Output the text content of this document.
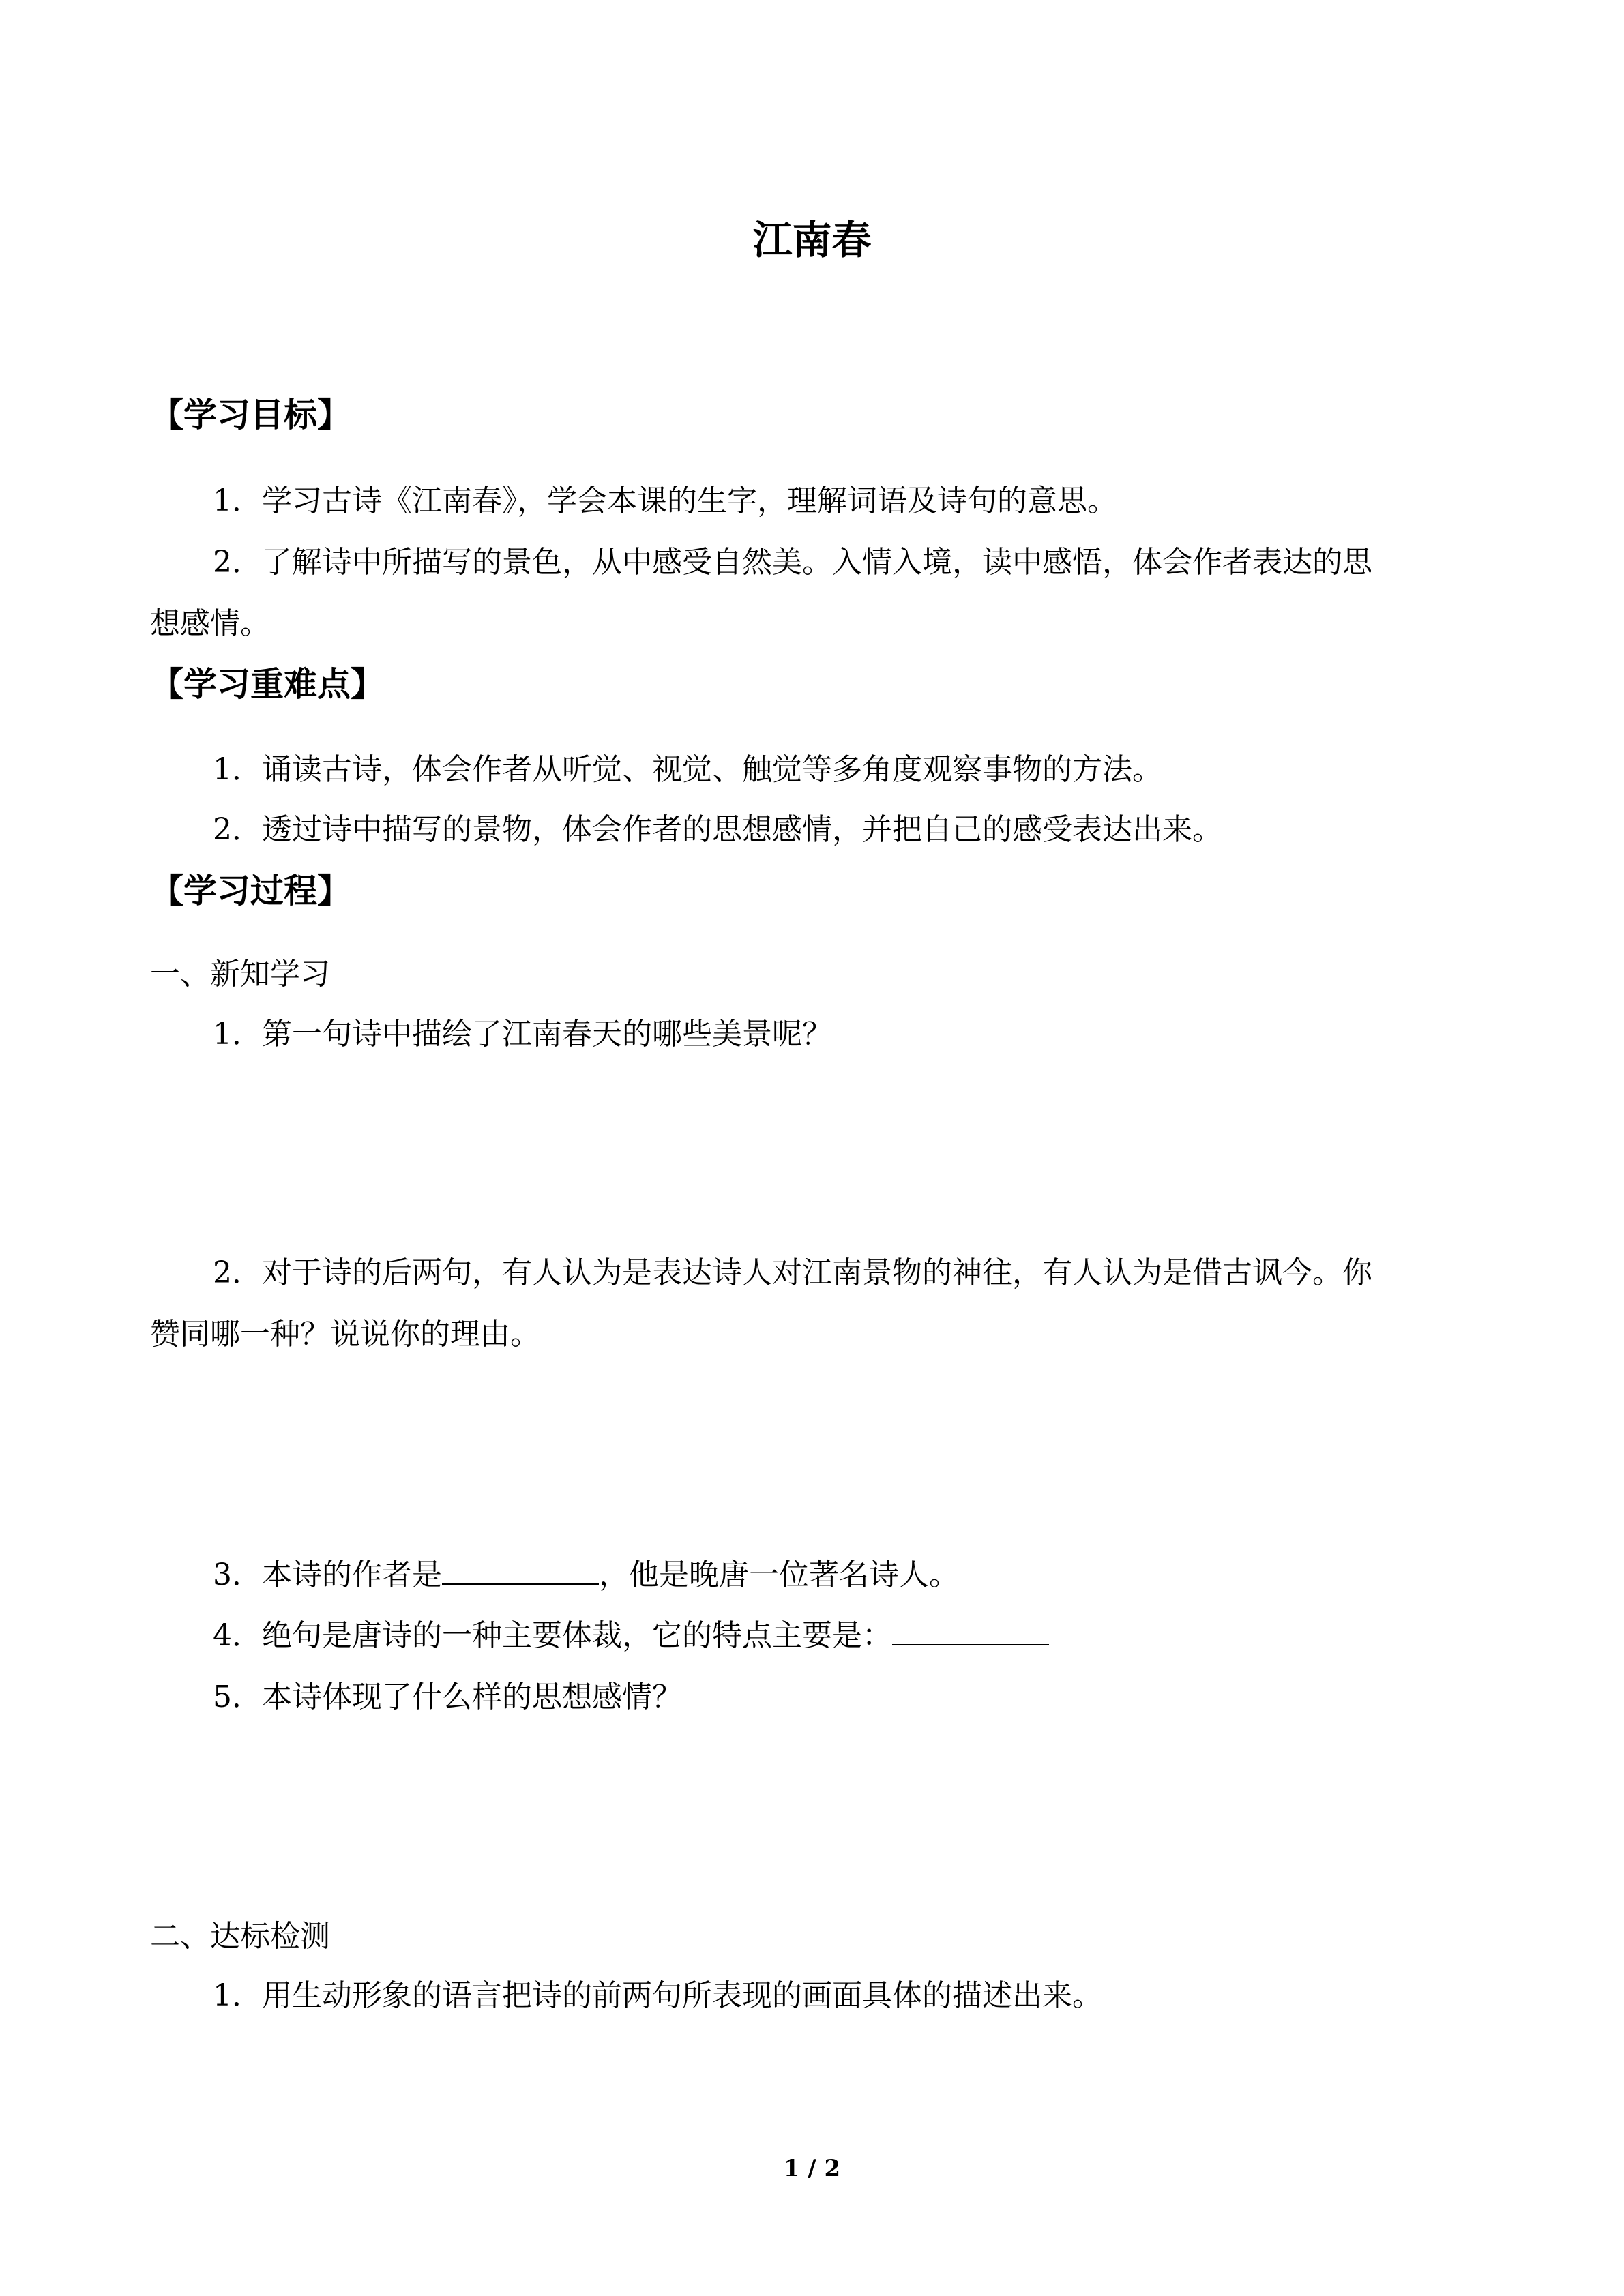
江南春
【学习目标】
1．学习古诗《江南春》，学会本课的生字，理解词语及诗句的意思。
2．了解诗中所描写的景色，从中感受自然美。入情入境，读中感悟，体会作者表达的思
想感情。
【学习重难点】
1．诵读古诗，体会作者从听觉、视觉、触觉等多角度观察事物的方法。
2．透过诗中描写的景物，体会作者的思想感情，并把自己的感受表达出来。
【学习过程】
一、新知学习
1．第一句诗中描绘了江南春天的哪些美景呢？
2．对于诗的后两句，有人认为是表达诗人对江南景物的神往，有人认为是借古讽今。你
赞同哪一种？说说你的理由。
3．本诗的作者是	，他是晚唐一位著名诗人。
4．绝句是唐诗的一种主要体裁，它的特点主要是：
5．本诗体现了什么样的思想感情？
二、达标检测
1．用生动形象的语言把诗的前两句所表现的画面具体的描述出来。
1 / 2
